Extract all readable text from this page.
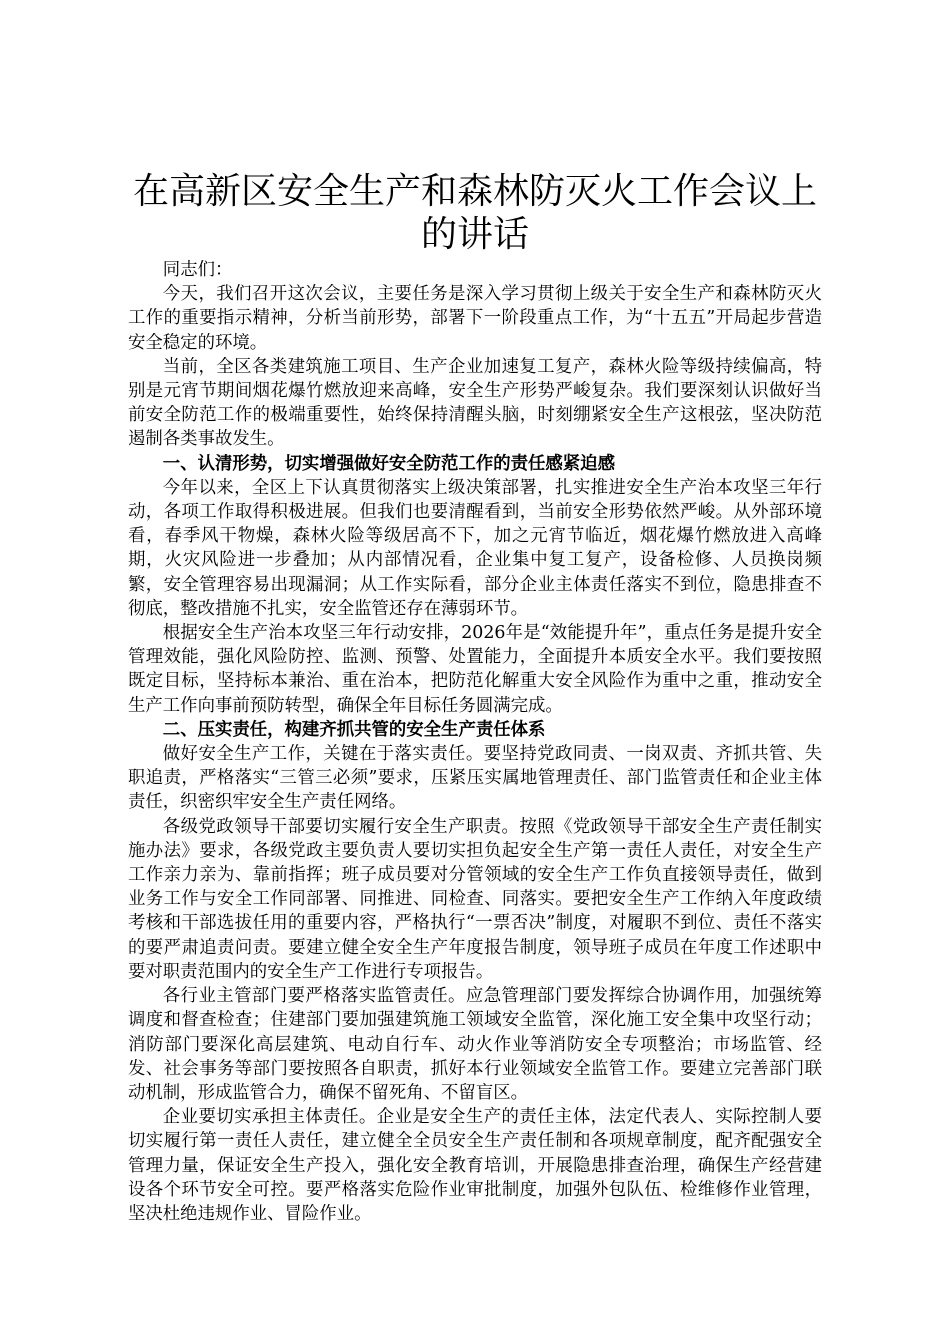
在高新区安全生产和森林防灭火工作会议上的讲话

同志们：

今天，我们召开这次会议，主要任务是深入学习贯彻上级关于安全生产和森林防灭火工作的重要指示精神，分析当前形势，部署下一阶段重点工作，为“十五五”开局起步营造安全稳定的环境。

当前，全区各类建筑施工项目、生产企业加速复工复产，森林火险等级持续偏高，特别是元宵节期间烟花爆竹燃放迎来高峰，安全生产形势严峻复杂。我们要深刻认识做好当前安全防范工作的极端重要性，始终保持清醒头脑，时刻绷紧安全生产这根弦，坚决防范遏制各类事故发生。

一、认清形势，切实增强做好安全防范工作的责任感紧迫感

今年以来，全区上下认真贯彻落实上级决策部署，扎实推进安全生产治本攻坚三年行动，各项工作取得积极进展。但我们也要清醒看到，当前安全形势依然严峻。从外部环境看，春季风干物燥，森林火险等级居高不下，加之元宵节临近，烟花爆竹燃放进入高峰期，火灾风险进一步叠加；从内部情况看，企业集中复工复产，设备检修、人员换岗频繁，安全管理容易出现漏洞；从工作实际看，部分企业主体责任落实不到位，隐患排查不彻底，整改措施不扎实，安全监管还存在薄弱环节。

根据安全生产治本攻坚三年行动安排，2026年是“效能提升年”，重点任务是提升安全管理效能，强化风险防控、监测、预警、处置能力，全面提升本质安全水平。我们要按照既定目标，坚持标本兼治、重在治本，把防范化解重大安全风险作为重中之重，推动安全生产工作向事前预防转型，确保全年目标任务圆满完成。

二、压实责任，构建齐抓共管的安全生产责任体系

做好安全生产工作，关键在于落实责任。要坚持党政同责、一岗双责、齐抓共管、失职追责，严格落实“三管三必须”要求，压紧压实属地管理责任、部门监管责任和企业主体责任，织密织牢安全生产责任网络。

各级党政领导干部要切实履行安全生产职责。按照《党政领导干部安全生产责任制实施办法》要求，各级党政主要负责人要切实担负起安全生产第一责任人责任，对安全生产工作亲力亲为、靠前指挥；班子成员要对分管领域的安全生产工作负直接领导责任，做到业务工作与安全工作同部署、同推进、同检查、同落实。要把安全生产工作纳入年度政绩考核和干部选拔任用的重要内容，严格执行“一票否决”制度，对履职不到位、责任不落实的要严肃追责问责。要建立健全安全生产年度报告制度，领导班子成员在年度工作述职中要对职责范围内的安全生产工作进行专项报告。

各行业主管部门要严格落实监管责任。应急管理部门要发挥综合协调作用，加强统筹调度和督查检查；住建部门要加强建筑施工领域安全监管，深化施工安全集中攻坚行动；消防部门要深化高层建筑、电动自行车、动火作业等消防安全专项整治；市场监管、经发、社会事务等部门要按照各自职责，抓好本行业领域安全监管工作。要建立完善部门联动机制，形成监管合力，确保不留死角、不留盲区。

企业要切实承担主体责任。企业是安全生产的责任主体，法定代表人、实际控制人要切实履行第一责任人责任，建立健全全员安全生产责任制和各项规章制度，配齐配强安全管理力量，保证安全生产投入，强化安全教育培训，开展隐患排查治理，确保生产经营建设各个环节安全可控。要严格落实危险作业审批制度，加强外包队伍、检维修作业管理，坚决杜绝违规作业、冒险作业。
